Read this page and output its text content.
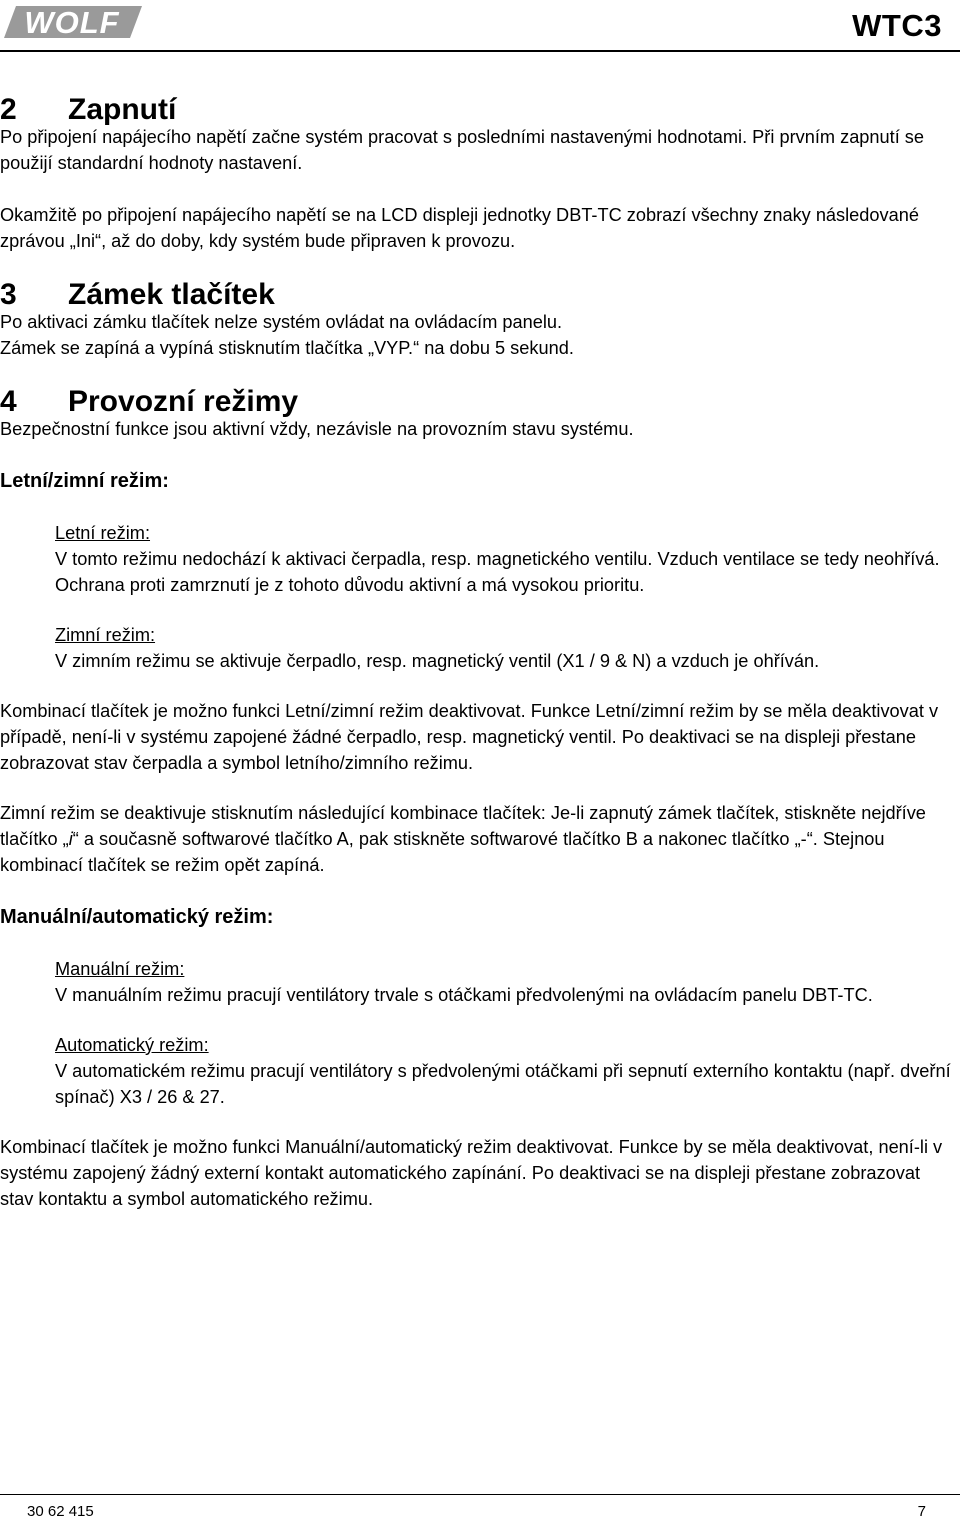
WOLF	WTC3
2 Zapnutí

Po připojení napájecího napětí začne systém pracovat s posledními nastavenými hodnotami. Při prvním zapnutí se použijí standardní hodnoty nastavení.

Okamžitě po připojení napájecího napětí se na LCD displeji jednotky DBT-TC zobrazí všechny znaky následované zprávou „Ini“, až do doby, kdy systém bude připraven k provozu.

3 Zámek tlačítek

Po aktivaci zámku tlačítek nelze systém ovládat na ovládacím panelu.

Zámek se zapíná a vypíná stisknutím tlačítka „VYP.“ na dobu 5 sekund.

4 Provozní režimy

Bezpečnostní funkce jsou aktivní vždy, nezávisle na provozním stavu systému.

Letní/zimní režim:

Letní režim:

V tomto režimu nedochází k aktivaci čerpadla, resp. magnetického ventilu. Vzduch ventilace se tedy neohřívá. Ochrana proti zamrznutí je z tohoto důvodu aktivní a má vysokou prioritu.

Zimní režim:

V zimním režimu se aktivuje čerpadlo, resp. magnetický ventil (X1 / 9 & N) a vzduch je ohříván.

Kombinací tlačítek je možno funkci Letní/zimní režim deaktivovat. Funkce Letní/zimní režim by se měla deaktivovat v případě, není-li v systému zapojené žádné čerpadlo, resp. magnetický ventil. Po deaktivaci se na displeji přestane zobrazovat stav čerpadla a symbol letního/zimního režimu.

Zimní režim se deaktivuje stisknutím následující kombinace tlačítek: Je-li zapnutý zámek tlačítek, stiskněte nejdříve tlačítko „i“ a současně softwarové tlačítko A, pak stiskněte softwarové tlačítko B a nakonec tlačítko „-“. Stejnou kombinací tlačítek se režim opět zapíná.

Manuální/automatický režim:

Manuální režim:

V manuálním režimu pracují ventilátory trvale s otáčkami předvolenými na ovládacím panelu DBT-TC.

Automatický režim:

V automatickém režimu pracují ventilátory s předvolenými otáčkami při sepnutí externího kontaktu (např. dveřní spínač) X3 / 26 & 27.

Kombinací tlačítek je možno funkci Manuální/automatický režim deaktivovat. Funkce by se měla deaktivovat, není-li v systému zapojený žádný externí kontakt automatického zapínání. Po deaktivaci se na displeji přestane zobrazovat stav kontaktu a symbol automatického režimu.

30 62 415	7
